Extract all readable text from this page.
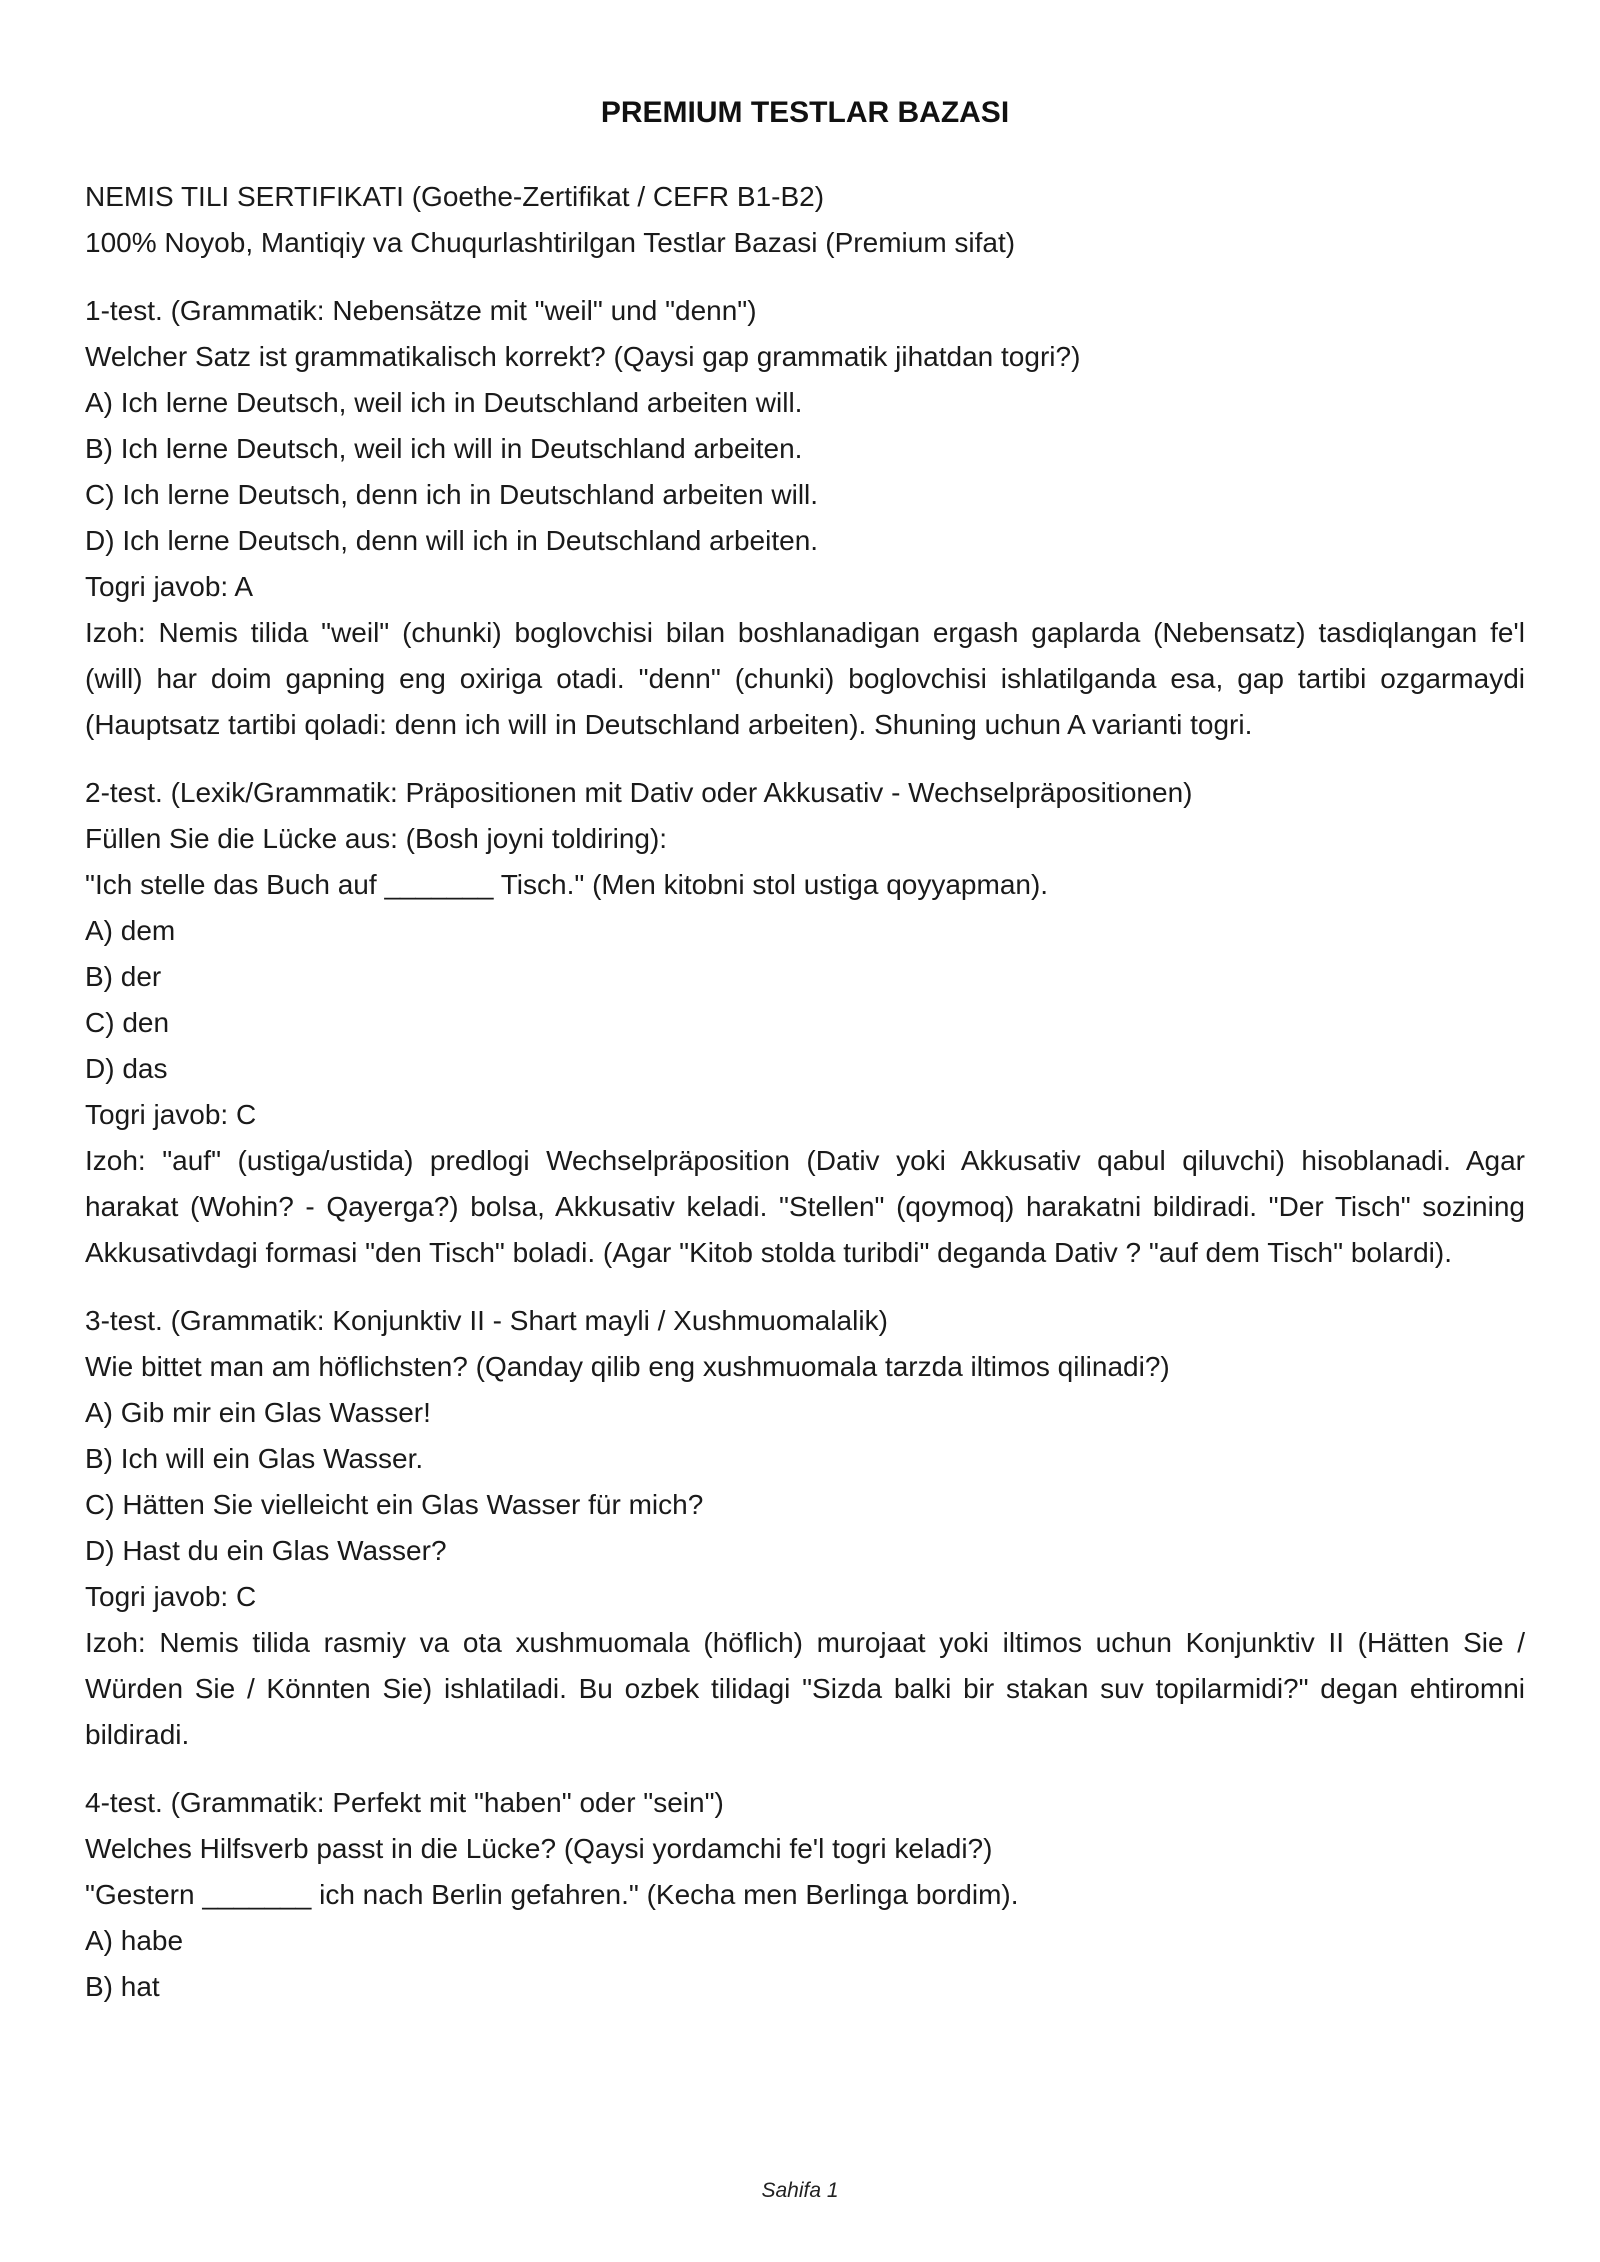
PREMIUM TESTLAR BAZASI

NEMIS TILI SERTIFIKATI (Goethe-Zertifikat / CEFR B1-B2)

100% Noyob, Mantiqiy va Chuqurlashtirilgan Testlar Bazasi (Premium sifat)

1-test. (Grammatik: Nebensätze mit "weil" und "denn")

Welcher Satz ist grammatikalisch korrekt? (Qaysi gap grammatik jihatdan togri?)

A) Ich lerne Deutsch, weil ich in Deutschland arbeiten will.

B) Ich lerne Deutsch, weil ich will in Deutschland arbeiten.

C) Ich lerne Deutsch, denn ich in Deutschland arbeiten will.

D) Ich lerne Deutsch, denn will ich in Deutschland arbeiten.

Togri javob: A

Izoh: Nemis tilida "weil" (chunki) boglovchisi bilan boshlanadigan ergash gaplarda (Nebensatz) tasdiqlangan fe'l (will) har doim gapning eng oxiriga otadi. "denn" (chunki) boglovchisi ishlatilganda esa, gap tartibi ozgarmaydi (Hauptsatz tartibi qoladi: denn ich will in Deutschland arbeiten). Shuning uchun A varianti togri.

2-test. (Lexik/Grammatik: Präpositionen mit Dativ oder Akkusativ - Wechselpräpositionen)

Füllen Sie die Lücke aus: (Bosh joyni toldiring):

"Ich stelle das Buch auf _______ Tisch." (Men kitobni stol ustiga qoyyapman).

A) dem

B) der

C) den

D) das

Togri javob: C

Izoh: "auf" (ustiga/ustida) predlogi Wechselpräposition (Dativ yoki Akkusativ qabul qiluvchi) hisoblanadi. Agar harakat (Wohin? - Qayerga?) bolsa, Akkusativ keladi. "Stellen" (qoymoq) harakatni bildiradi. "Der Tisch" sozining Akkusativdagi formasi "den Tisch" boladi. (Agar "Kitob stolda turibdi" deganda Dativ ? "auf dem Tisch" bolardi).

3-test. (Grammatik: Konjunktiv II - Shart mayli / Xushmuomalalik)

Wie bittet man am höflichsten? (Qanday qilib eng xushmuomala tarzda iltimos qilinadi?)

A) Gib mir ein Glas Wasser!

B) Ich will ein Glas Wasser.

C) Hätten Sie vielleicht ein Glas Wasser für mich?

D) Hast du ein Glas Wasser?

Togri javob: C

Izoh: Nemis tilida rasmiy va ota xushmuomala (höflich) murojaat yoki iltimos uchun Konjunktiv II (Hätten Sie / Würden Sie / Könnten Sie) ishlatiladi. Bu ozbek tilidagi "Sizda balki bir stakan suv topilarmidi?" degan ehtiromni bildiradi.

4-test. (Grammatik: Perfekt mit "haben" oder "sein")

Welches Hilfsverb passt in die Lücke? (Qaysi yordamchi fe'l togri keladi?)

"Gestern _______ ich nach Berlin gefahren." (Kecha men Berlinga bordim).

A) habe

B) hat

Sahifa 1
